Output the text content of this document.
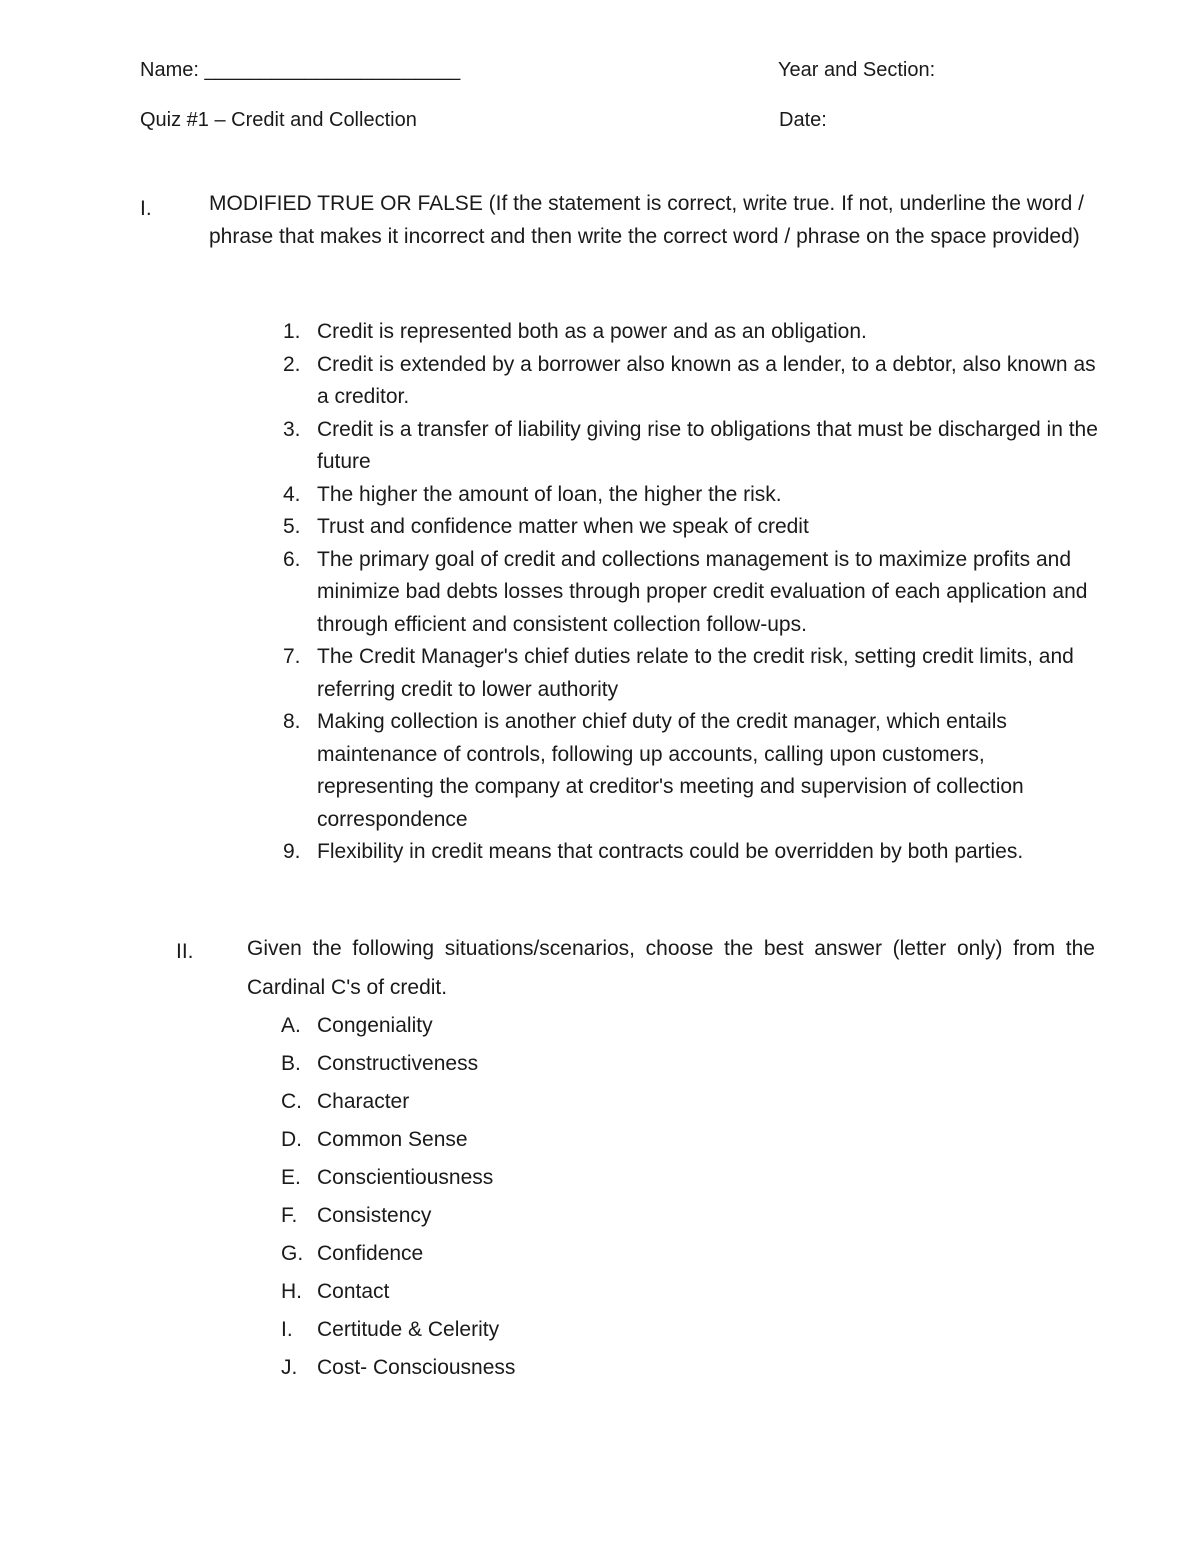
Name: _______________________	Year and Section:
Quiz #1 – Credit and Collection	Date:
I.	MODIFIED TRUE OR FALSE (If the statement is correct, write true. If not, underline the word / phrase that makes it incorrect and then write the correct word / phrase on the space provided)
1. Credit is represented both as a power and as an obligation.
2. Credit is extended by a borrower also known as a lender, to a debtor, also known as a creditor.
3. Credit is a transfer of liability giving rise to obligations that must be discharged in the future
4. The higher the amount of loan, the higher the risk.
5. Trust and confidence matter when we speak of credit
6. The primary goal of credit and collections management is to maximize profits and minimize bad debts losses through proper credit evaluation of each application and through efficient and consistent collection follow-ups.
7. The Credit Manager's chief duties relate to the credit risk, setting credit limits, and referring credit to lower authority
8. Making collection is another chief duty of the credit manager, which entails maintenance of controls, following up accounts, calling upon customers, representing the company at creditor's meeting and supervision of collection correspondence
9. Flexibility in credit means that contracts could be overridden by both parties.
II.	Given the following situations/scenarios, choose the best answer (letter only) from the Cardinal C's of credit.
A. Congeniality
B. Constructiveness
C. Character
D. Common Sense
E. Conscientiousness
F. Consistency
G. Confidence
H. Contact
I.	Certitude & Celerity
J. Cost- Consciousness
